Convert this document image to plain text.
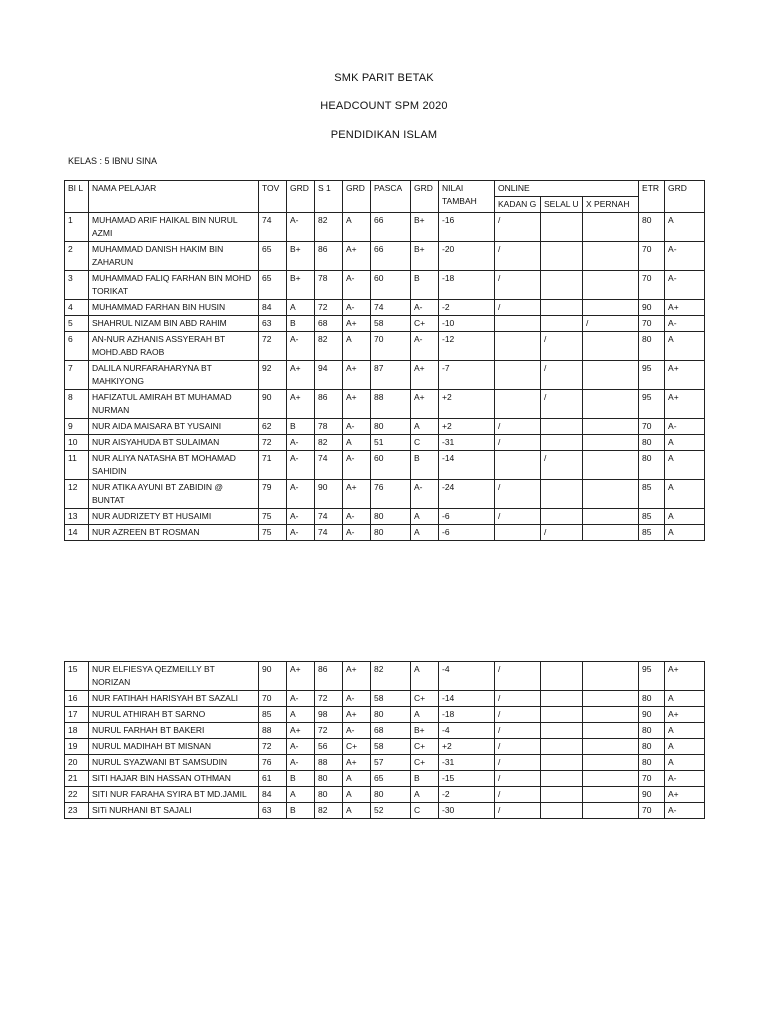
SMK PARIT BETAK
HEADCOUNT SPM 2020
PENDIDIKAN ISLAM
KELAS : 5 IBNU SINA
BI L	NAMA PELAJAR	TOV	GRD	S 1	GRD	PASCA	GRD	NILAI TAMBAH	ONLINE			ETR	GRD
									KADAN G	SELAL U	X PERNAH		
1	MUHAMAD ARIF HAIKAL BIN NURUL AZMI	74	A-	82	A	66	B+	-16	/			80	A
2	MUHAMMAD DANISH HAKIM BIN ZAHARUN	65	B+	86	A+	66	B+	-20	/			70	A-
3	MUHAMMAD FALIQ FARHAN BIN MOHD TORIKAT	65	B+	78	A-	60	B	-18	/			70	A-
4	MUHAMMAD FARHAN BIN HUSIN	84	A	72	A-	74	A-	-2	/			90	A+
5	SHAHRUL NIZAM BIN ABD RAHIM	63	B	68	A+	58	C+	-10			/	70	A-
6	AN-NUR AZHANIS ASSYERAH BT MOHD.ABD RAOB	72	A-	82	A	70	A-	-12		/		80	A
7	DALILA NURFARAHARYNA BT MAHKIYONG	92	A+	94	A+	87	A+	-7		/		95	A+
8	HAFIZATUL AMIRAH BT MUHAMAD NURMAN	90	A+	86	A+	88	A+	+2		/		95	A+
9	NUR AIDA MAISARA BT YUSAINI	62	B	78	A-	80	A	+2	/			70	A-
10	NUR AISYAHUDA BT SULAIMAN	72	A-	82	A	51	C	-31	/			80	A
11	NUR ALIYA NATASHA BT MOHAMAD SAHIDIN	71	A-	74	A-	60	B	-14		/		80	A
12	NUR ATIKA AYUNI BT ZABIDIN @ BUNTAT	79	A-	90	A+	76	A-	-24	/			85	A
13	NUR AUDRIZETY BT HUSAIMI	75	A-	74	A-	80	A	-6	/			85	A
14	NUR AZREEN BT ROSMAN	75	A-	74	A-	80	A	-6		/		85	A
15	NUR ELFIESYA QEZMEILLY BT NORIZAN	90	A+	86	A+	82	A	-4	/			95	A+
16	NUR FATIHAH HARISYAH BT SAZALI	70	A-	72	A-	58	C+	-14	/			80	A
17	NURUL ATHIRAH BT SARNO	85	A	98	A+	80	A	-18	/			90	A+
18	NURUL FARHAH BT BAKERI	88	A+	72	A-	68	B+	-4	/			80	A
19	NURUL MADIHAH BT MISNAN	72	A-	56	C+	58	C+	+2	/			80	A
20	NURUL SYAZWANI BT SAMSUDIN	76	A-	88	A+	57	C+	-31	/			80	A
21	SITI HAJAR BIN HASSAN OTHMAN	61	B	80	A	65	B	-15	/			70	A-
22	SITI NUR FARAHA SYIRA BT MD.JAMIL	84	A	80	A	80	A	-2	/			90	A+
23	SITi NURHANI BT SAJALI	63	B	82	A	52	C	-30	/			70	A-
